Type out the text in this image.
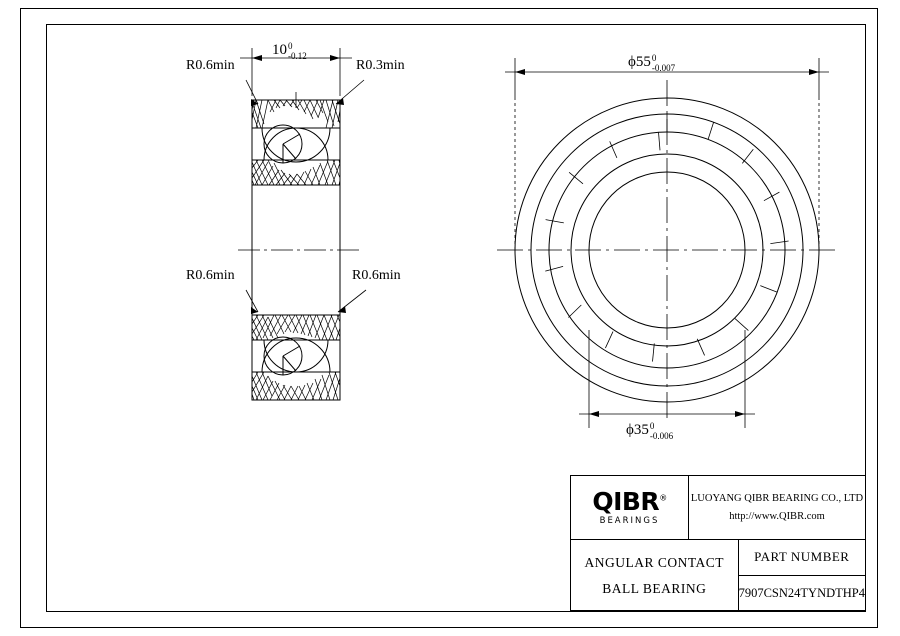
R0.6min	R0.3min
R0.6min	R0.6min
10 0
-0.12	ϕ55 0
-0.007
ϕ35 0
-0.006
QIBR®
BEARINGS
LUOYANG QIBR BEARING CO., LTD
http://www.QIBR.com
ANGULAR CONTACT
BALL BEARING
PART NUMBER
7907CSN24TYNDTHP4
